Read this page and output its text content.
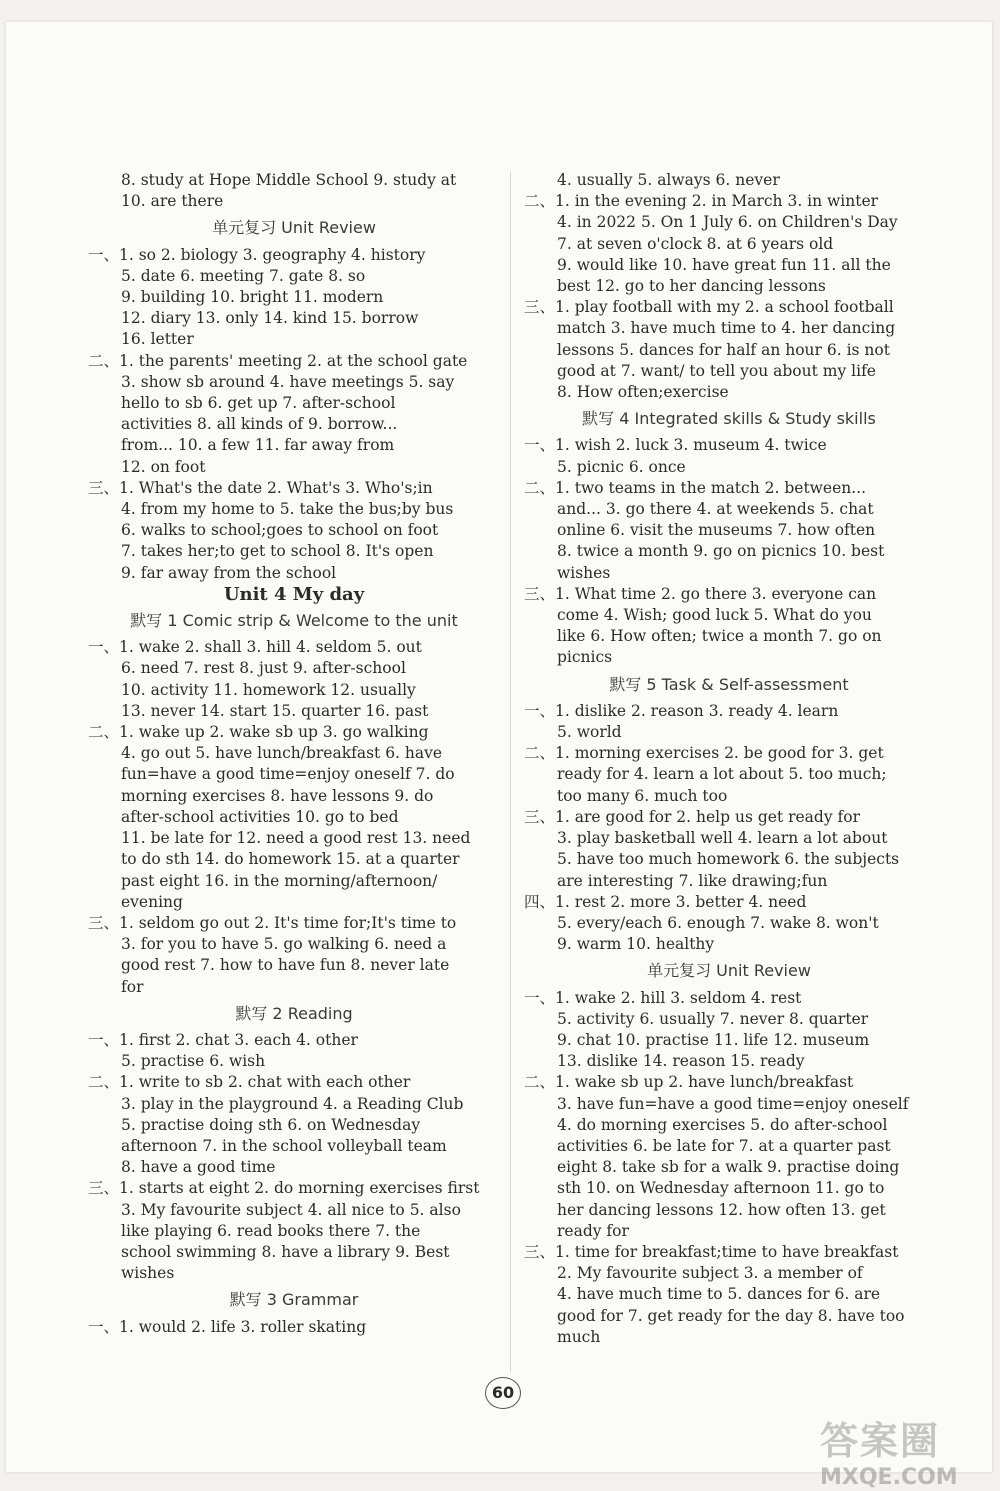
8. study at Hope Middle School 9. study at
10. are there
单元复习 Unit Review
一、1. so 2. biology 3. geography 4. history
5. date 6. meeting 7. gate 8. so
9. building 10. bright 11. modern
12. diary 13. only 14. kind 15. borrow
16. letter
二、1. the parents' meeting 2. at the school gate
3. show sb around 4. have meetings 5. say
hello to sb 6. get up 7. after-school
activities 8. all kinds of 9. borrow...
from... 10. a few 11. far away from
12. on foot
三、1. What's the date 2. What's 3. Who's;in
4. from my home to 5. take the bus;by bus
6. walks to school;goes to school on foot
7. takes her;to get to school 8. It's open
9. far away from the school
Unit 4 My day
默写 1 Comic strip & Welcome to the unit
一、1. wake 2. shall 3. hill 4. seldom 5. out
6. need 7. rest 8. just 9. after-school
10. activity 11. homework 12. usually
13. never 14. start 15. quarter 16. past
二、1. wake up 2. wake sb up 3. go walking
4. go out 5. have lunch/breakfast 6. have
fun=have a good time=enjoy oneself 7. do
morning exercises 8. have lessons 9. do
after-school activities 10. go to bed
11. be late for 12. need a good rest 13. need
to do sth 14. do homework 15. at a quarter
past eight 16. in the morning/afternoon/
evening
三、1. seldom go out 2. It's time for;It's time to
3. for you to have 5. go walking 6. need a
good rest 7. how to have fun 8. never late
for
默写 2 Reading
一、1. first 2. chat 3. each 4. other
5. practise 6. wish
二、1. write to sb 2. chat with each other
3. play in the playground 4. a Reading Club
5. practise doing sth 6. on Wednesday
afternoon 7. in the school volleyball team
8. have a good time
三、1. starts at eight 2. do morning exercises first
3. My favourite subject 4. all nice to 5. also
like playing 6. read books there 7. the
school swimming 8. have a library 9. Best
wishes
默写 3 Grammar
一、1. would 2. life 3. roller skating
4. usually 5. always 6. never
二、1. in the evening 2. in March 3. in winter
4. in 2022 5. On 1 July 6. on Children's Day
7. at seven o'clock 8. at 6 years old
9. would like 10. have great fun 11. all the
best 12. go to her dancing lessons
三、1. play football with my 2. a school football
match 3. have much time to 4. her dancing
lessons 5. dances for half an hour 6. is not
good at 7. want/ to tell you about my life
8. How often;exercise
默写 4 Integrated skills & Study skills
一、1. wish 2. luck 3. museum 4. twice
5. picnic 6. once
二、1. two teams in the match 2. between...
and... 3. go there 4. at weekends 5. chat
online 6. visit the museums 7. how often
8. twice a month 9. go on picnics 10. best
wishes
三、1. What time 2. go there 3. everyone can
come 4. Wish; good luck 5. What do you
like 6. How often; twice a month 7. go on
picnics
默写 5 Task & Self-assessment
一、1. dislike 2. reason 3. ready 4. learn
5. world
二、1. morning exercises 2. be good for 3. get
ready for 4. learn a lot about 5. too much;
too many 6. much too
三、1. are good for 2. help us get ready for
3. play basketball well 4. learn a lot about
5. have too much homework 6. the subjects
are interesting 7. like drawing;fun
四、1. rest 2. more 3. better 4. need
5. every/each 6. enough 7. wake 8. won't
9. warm 10. healthy
单元复习 Unit Review
一、1. wake 2. hill 3. seldom 4. rest
5. activity 6. usually 7. never 8. quarter
9. chat 10. practise 11. life 12. museum
13. dislike 14. reason 15. ready
二、1. wake sb up 2. have lunch/breakfast
3. have fun=have a good time=enjoy oneself
4. do morning exercises 5. do after-school
activities 6. be late for 7. at a quarter past
eight 8. take sb for a walk 9. practise doing
sth 10. on Wednesday afternoon 11. go to
her dancing lessons 12. how often 13. get
ready for
三、1. time for breakfast;time to have breakfast
2. My favourite subject 3. a member of
4. have much time to 5. dances for 6. are
good for 7. get ready for the day 8. have too
much
60
答案圈
MXQE.COM
